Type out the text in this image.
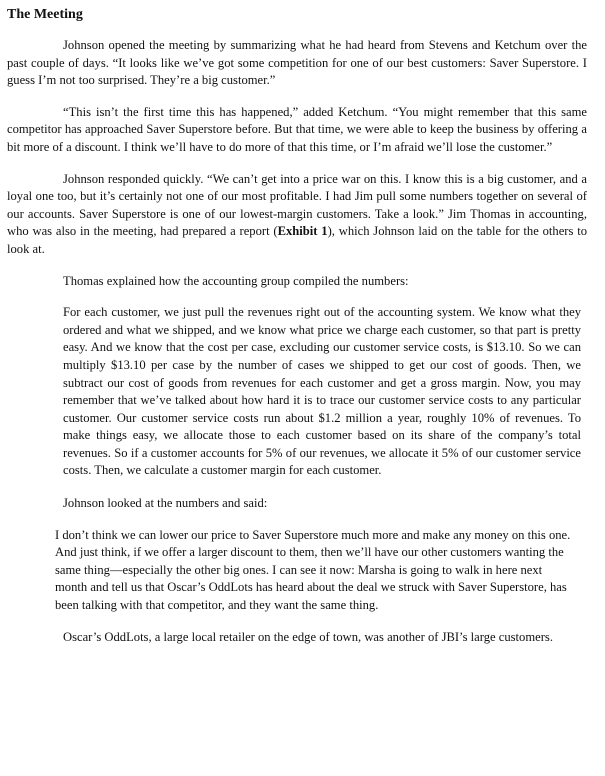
The Meeting

Johnson opened the meeting by summarizing what he had heard from Stevens and Ketchum over the past couple of days. “It looks like we’ve got some competition for one of our best customers: Saver Superstore. I guess I’m not too surprised. They’re a big customer.”

“This isn’t the first time this has happened,” added Ketchum. “You might remember that this same competitor has approached Saver Superstore before. But that time, we were able to keep the business by offering a bit more of a discount. I think we’ll have to do more of that this time, or I’m afraid we’ll lose the customer.”

Johnson responded quickly. “We can’t get into a price war on this. I know this is a big customer, and a loyal one too, but it’s certainly not one of our most profitable. I had Jim pull some numbers together on several of our accounts. Saver Superstore is one of our lowest-margin customers. Take a look.” Jim Thomas in accounting, who was also in the meeting, had prepared a report (Exhibit 1), which Johnson laid on the table for the others to look at.

Thomas explained how the accounting group compiled the numbers:

For each customer, we just pull the revenues right out of the accounting system. We know what they ordered and what we shipped, and we know what price we charge each customer, so that part is pretty easy. And we know that the cost per case, excluding our customer service costs, is $13.10. So we can multiply $13.10 per case by the number of cases we shipped to get our cost of goods. Then, we subtract our cost of goods from revenues for each customer and get a gross margin. Now, you may remember that we’ve talked about how hard it is to trace our customer service costs to any particular customer. Our customer service costs run about $1.2 million a year, roughly 10% of revenues. To make things easy, we allocate those to each customer based on its share of the company’s total revenues. So if a customer accounts for 5% of our revenues, we allocate it 5% of our customer service costs. Then, we calculate a customer margin for each customer.

Johnson looked at the numbers and said:

I don’t think we can lower our price to Saver Superstore much more and make any money on this one. And just think, if we offer a larger discount to them, then we’ll have our other customers wanting the same thing—especially the other big ones. I can see it now: Marsha is going to walk in here next month and tell us that Oscar’s OddLots has heard about the deal we struck with Saver Superstore, has been talking with that competitor, and they want the same thing.

Oscar’s OddLots, a large local retailer on the edge of town, was another of JBI’s large customers.
